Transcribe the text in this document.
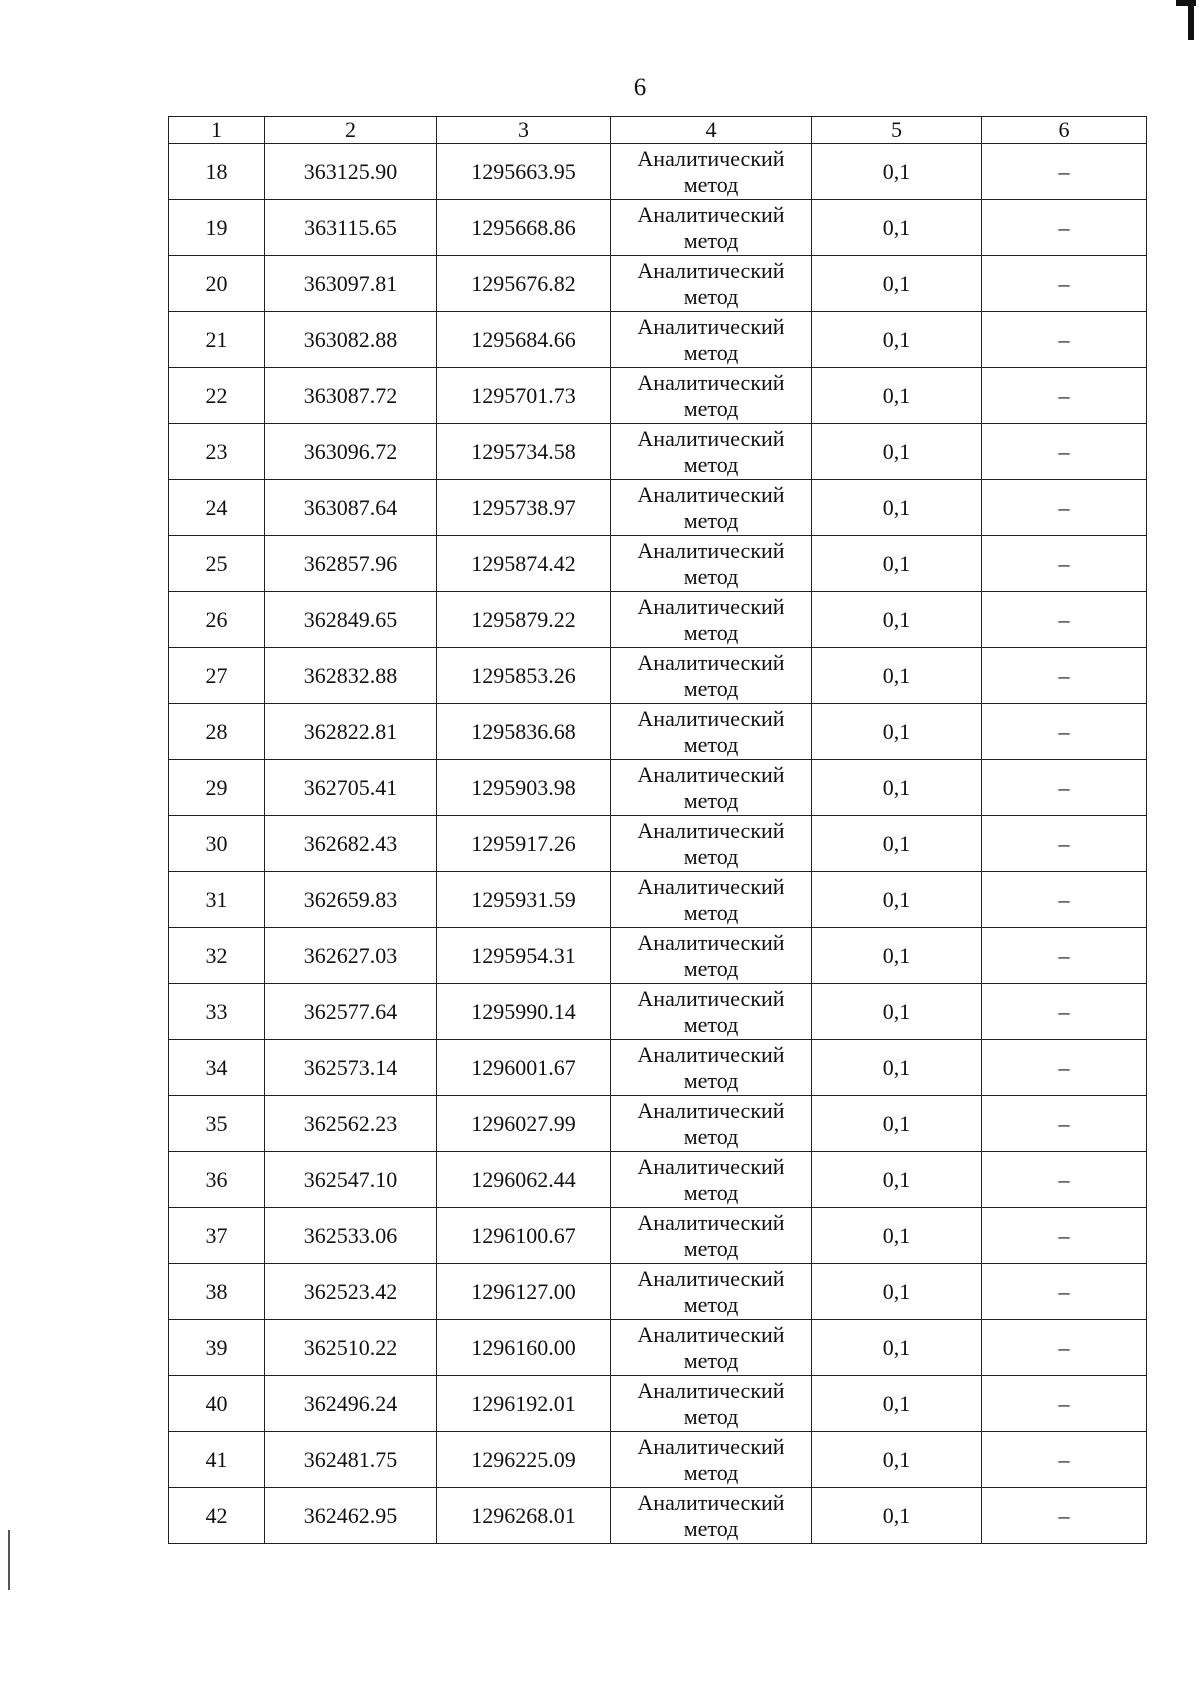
6
1	2	3	4	5	6
18	363125.90	1295663.95	Аналитический метод	0,1	–
19	363115.65	1295668.86	Аналитический метод	0,1	–
20	363097.81	1295676.82	Аналитический метод	0,1	–
21	363082.88	1295684.66	Аналитический метод	0,1	–
22	363087.72	1295701.73	Аналитический метод	0,1	–
23	363096.72	1295734.58	Аналитический метод	0,1	–
24	363087.64	1295738.97	Аналитический метод	0,1	–
25	362857.96	1295874.42	Аналитический метод	0,1	–
26	362849.65	1295879.22	Аналитический метод	0,1	–
27	362832.88	1295853.26	Аналитический метод	0,1	–
28	362822.81	1295836.68	Аналитический метод	0,1	–
29	362705.41	1295903.98	Аналитический метод	0,1	–
30	362682.43	1295917.26	Аналитический метод	0,1	–
31	362659.83	1295931.59	Аналитический метод	0,1	–
32	362627.03	1295954.31	Аналитический метод	0,1	–
33	362577.64	1295990.14	Аналитический метод	0,1	–
34	362573.14	1296001.67	Аналитический метод	0,1	–
35	362562.23	1296027.99	Аналитический метод	0,1	–
36	362547.10	1296062.44	Аналитический метод	0,1	–
37	362533.06	1296100.67	Аналитический метод	0,1	–
38	362523.42	1296127.00	Аналитический метод	0,1	–
39	362510.22	1296160.00	Аналитический метод	0,1	–
40	362496.24	1296192.01	Аналитический метод	0,1	–
41	362481.75	1296225.09	Аналитический метод	0,1	–
42	362462.95	1296268.01	Аналитический метод	0,1	–
